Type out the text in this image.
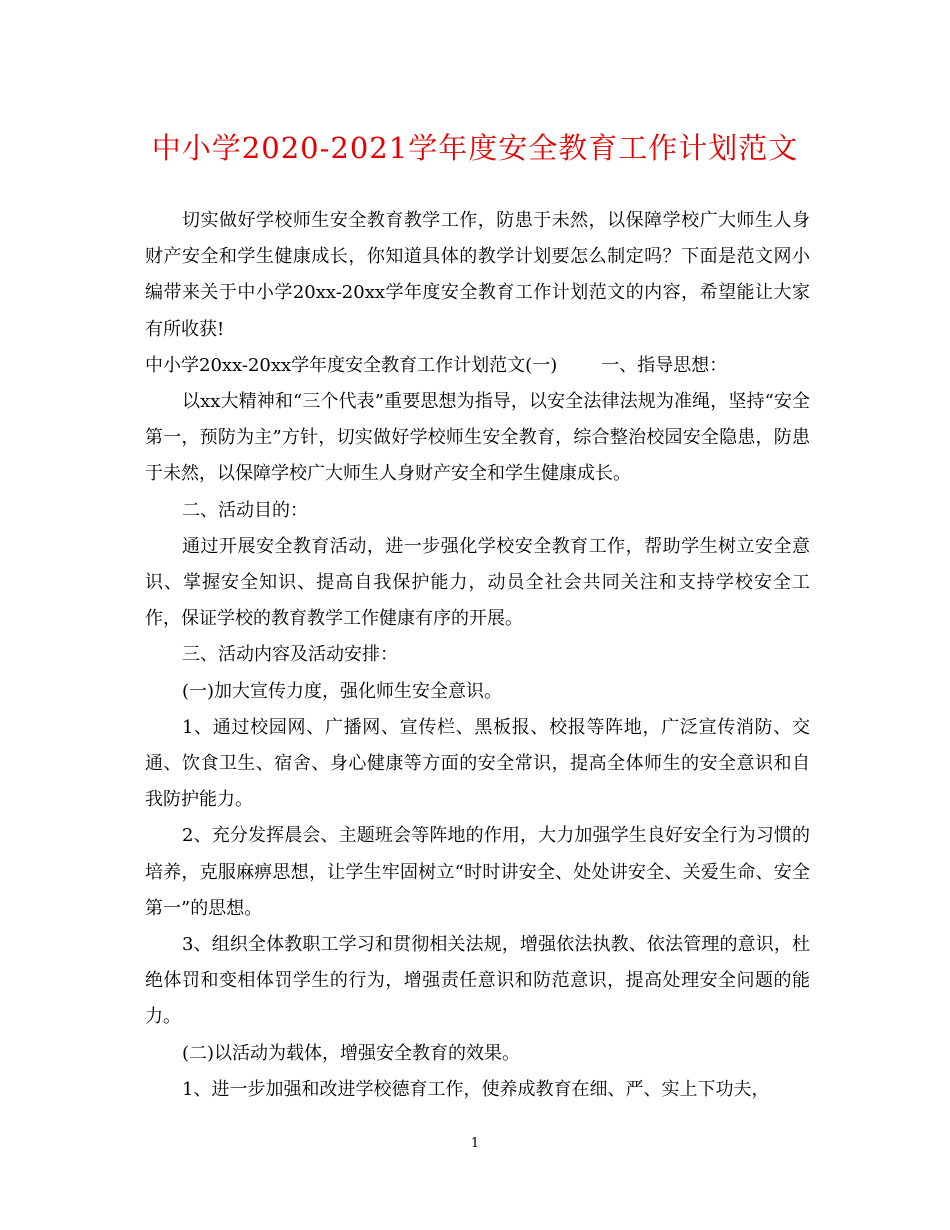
中小学2020-2021学年度安全教育工作计划范文

切实做好学校师生安全教育教学工作，防患于未然，以保障学校广大师生人身财产安全和学生健康成长，你知道具体的教学计划要怎么制定吗？下面是范文网小编带来关于中小学20xx-20xx学年度安全教育工作计划范文的内容，希望能让大家有所收获!

中小学20xx-20xx学年度安全教育工作计划范文(一) 一、指导思想：

以xx大精神和“三个代表”重要思想为指导，以安全法律法规为准绳，坚持“安全第一，预防为主”方针，切实做好学校师生安全教育，综合整治校园安全隐患，防患于未然，以保障学校广大师生人身财产安全和学生健康成长。

二、活动目的：

通过开展安全教育活动，进一步强化学校安全教育工作，帮助学生树立安全意识、掌握安全知识、提高自我保护能力，动员全社会共同关注和支持学校安全工作，保证学校的教育教学工作健康有序的开展。

三、活动内容及活动安排：

(一)加大宣传力度，强化师生安全意识。

1、通过校园网、广播网、宣传栏、黑板报、校报等阵地，广泛宣传消防、交通、饮食卫生、宿舍、身心健康等方面的安全常识，提高全体师生的安全意识和自我防护能力。

2、充分发挥晨会、主题班会等阵地的作用，大力加强学生良好安全行为习惯的培养，克服麻痹思想，让学生牢固树立“时时讲安全、处处讲安全、关爱生命、安全第一”的思想。

3、组织全体教职工学习和贯彻相关法规，增强依法执教、依法管理的意识，杜绝体罚和变相体罚学生的行为，增强责任意识和防范意识，提高处理安全问题的能力。

(二)以活动为载体，增强安全教育的效果。

1、进一步加强和改进学校德育工作，使养成教育在细、严、实上下功夫，

1
